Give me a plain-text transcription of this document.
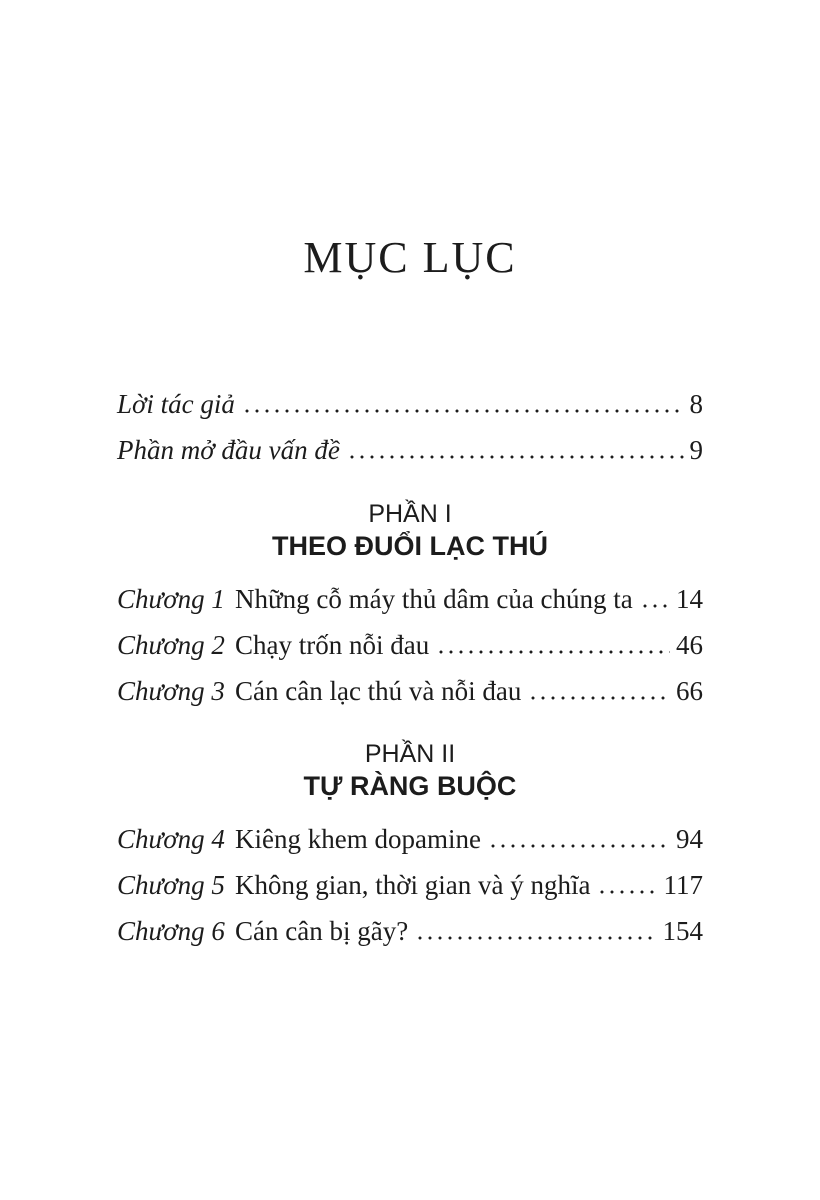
MỤC LỤC
Lời tác giả	8
Phần mở đầu vấn đề	9
PHẦN I
THEO ĐUỔI LẠC THÚ
Chương 1 Những cỗ máy thủ dâm của chúng ta 14
Chương 2 Chạy trốn nỗi đau	46
Chương 3 Cán cân lạc thú và nỗi đau	66
PHẦN II
TỰ RÀNG BUỘC
Chương 4 Kiêng khem dopamine	94
Chương 5 Không gian, thời gian và ý nghĩa	117
Chương 6 Cán cân bị gãy?	154
